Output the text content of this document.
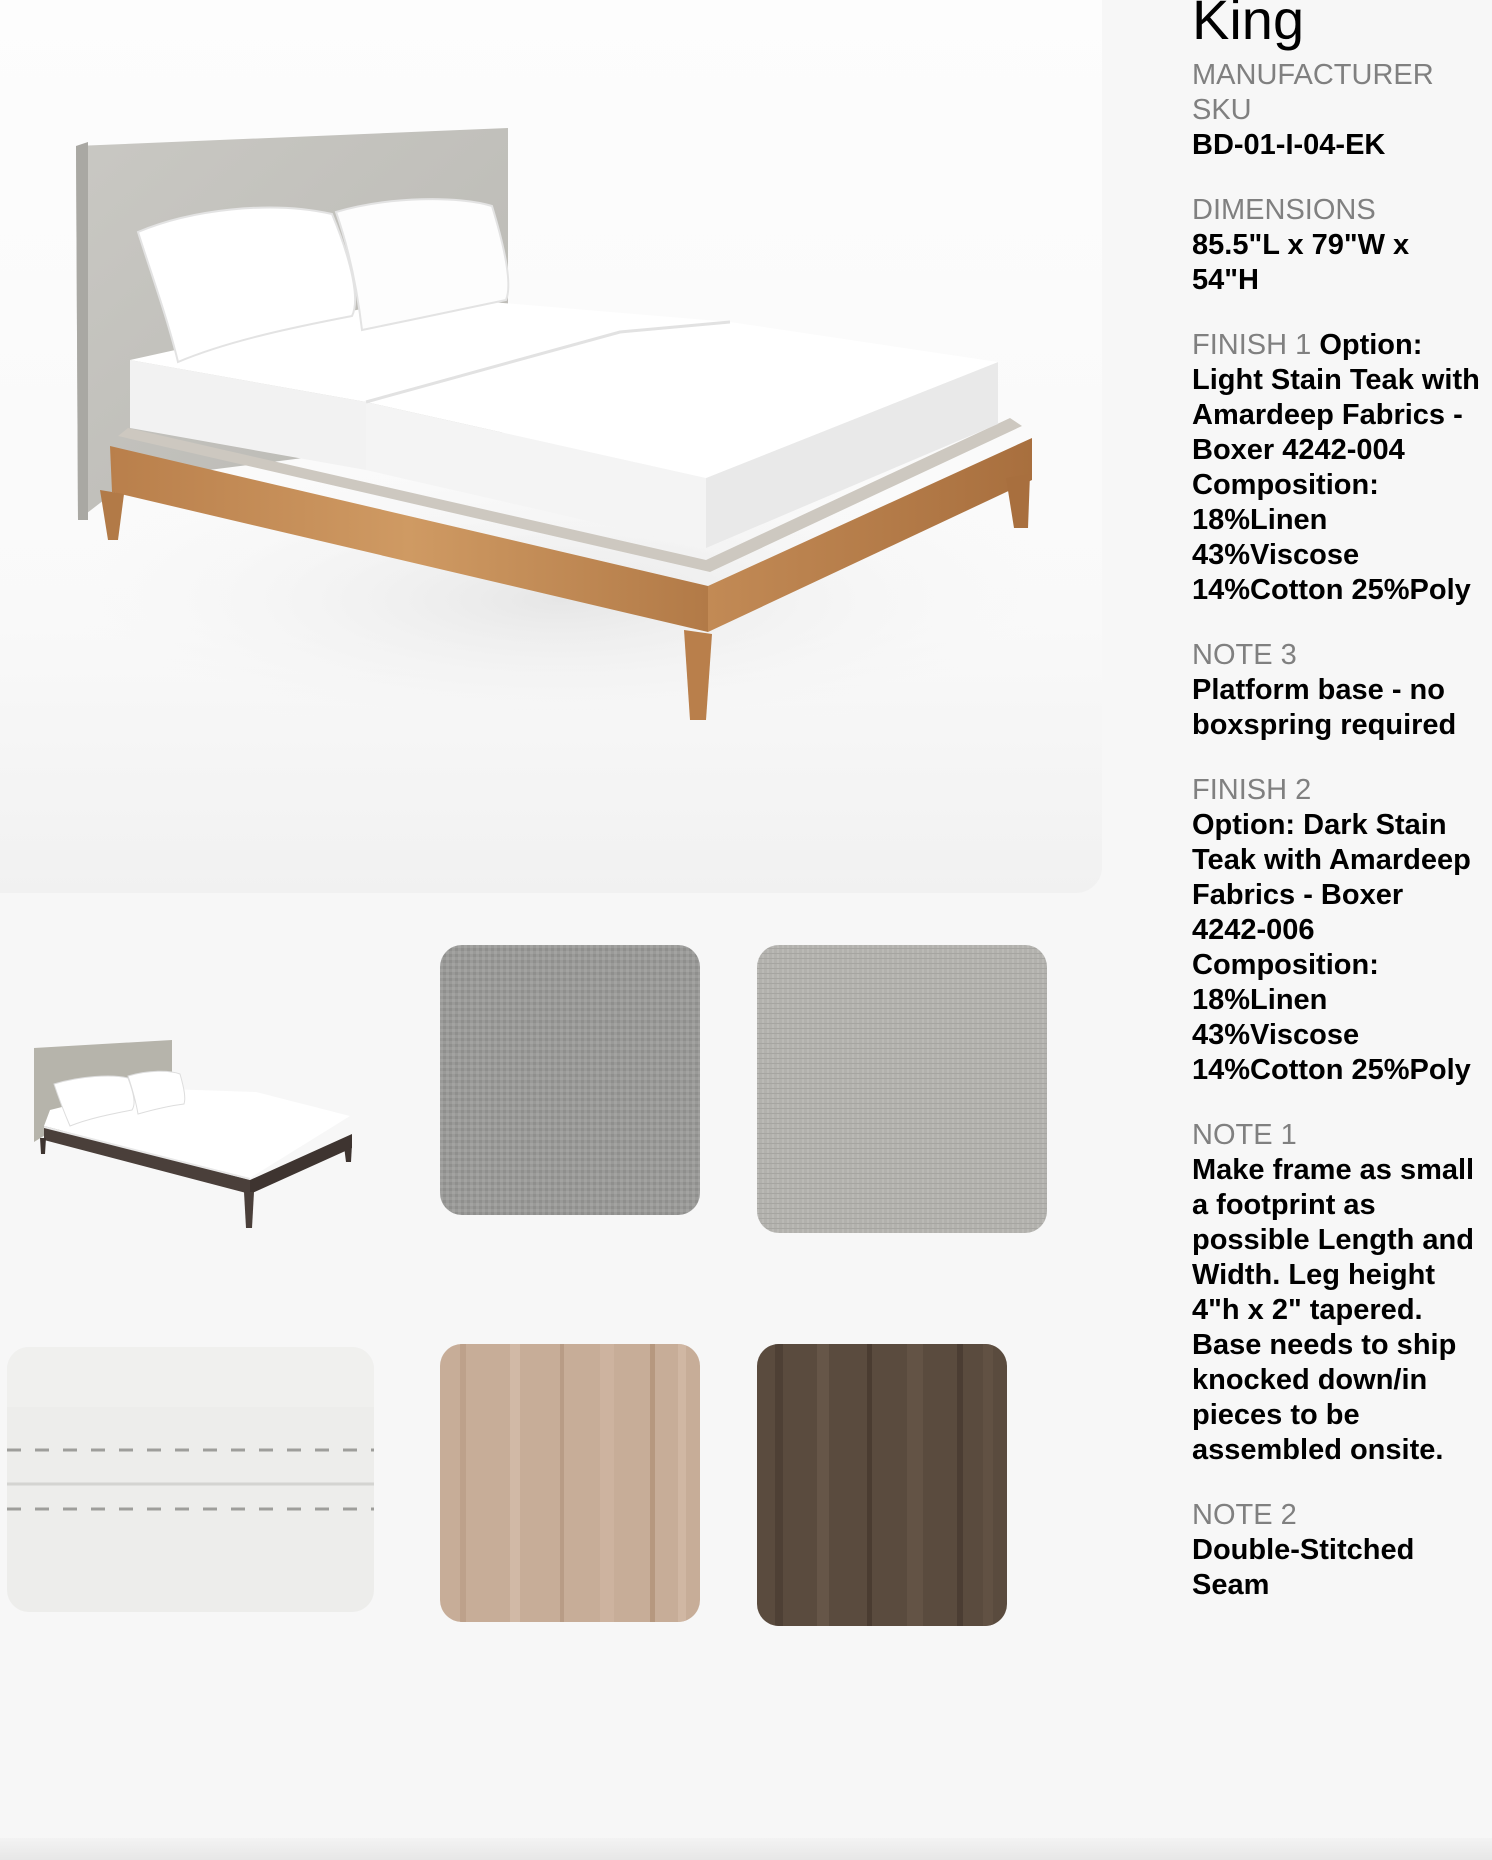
King
MANUFACTURER SKU
BD-01-I-04-EK
DIMENSIONS
85.5"L x 79"W x 54"H
FINISH 1 Option: Light Stain Teak with Amardeep Fabrics - Boxer 4242-004 Composition: 18%Linen 43%Viscose 14%Cotton 25%Poly
NOTE 3
Platform base - no boxspring required
FINISH 2
Option: Dark Stain Teak with Amardeep Fabrics - Boxer 4242-006 Composition: 18%Linen 43%Viscose 14%Cotton 25%Poly
NOTE 1
Make frame as small a footprint as possible Length and Width. Leg height 4"h x 2" tapered. Base needs to ship knocked down/in pieces to be assembled onsite.
NOTE 2
Double-Stitched Seam
